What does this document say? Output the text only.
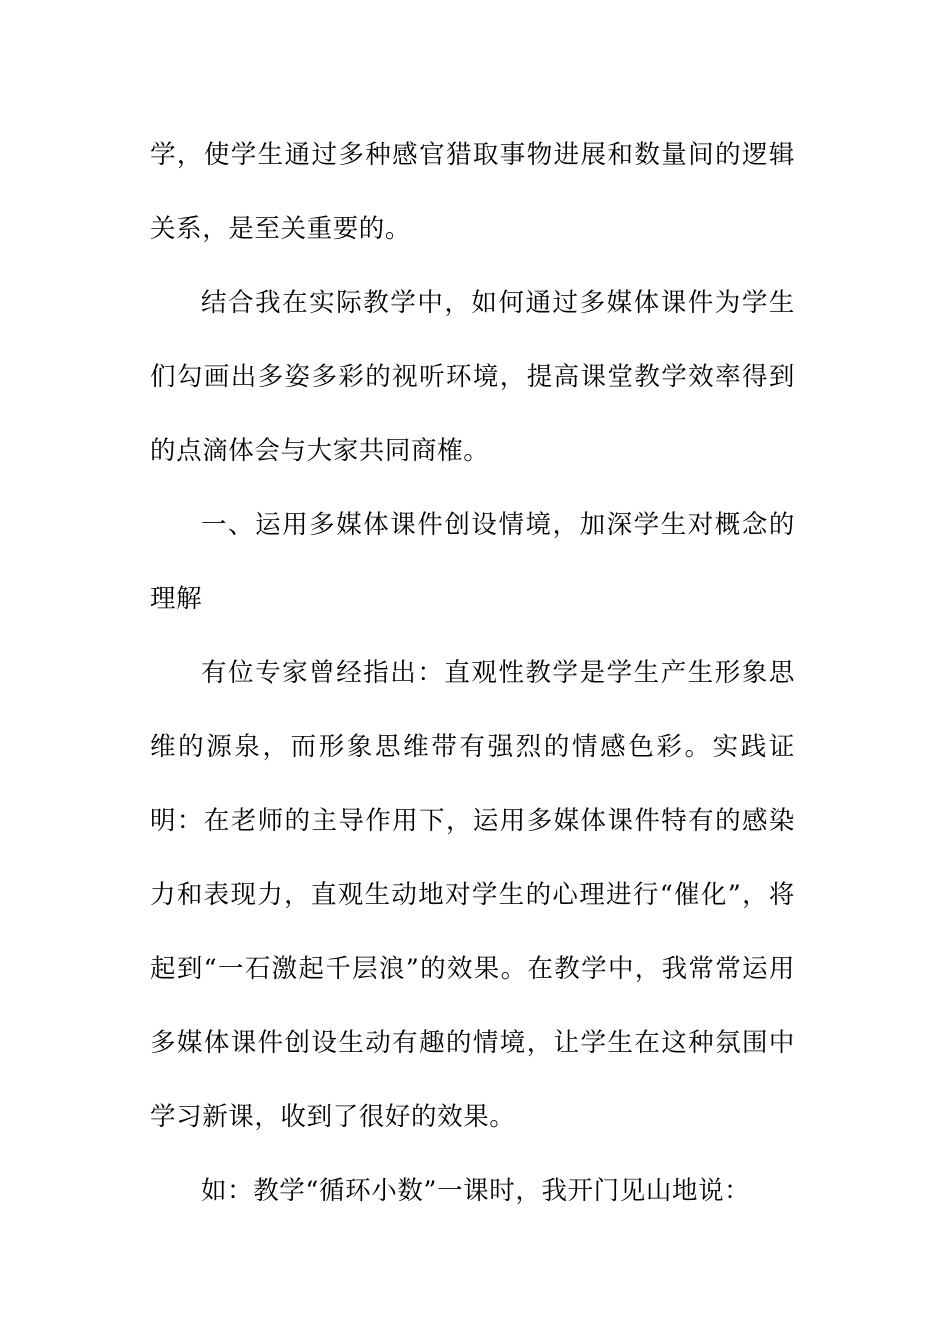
学，使学生通过多种感官猎取事物进展和数量间的逻辑关系，是至关重要的。

结合我在实际教学中，如何通过多媒体课件为学生们勾画出多姿多彩的视听环境，提高课堂教学效率得到的点滴体会与大家共同商榷。

一、运用多媒体课件创设情境，加深学生对概念的理解

有位专家曾经指出：直观性教学是学生产生形象思维的源泉，而形象思维带有强烈的情感色彩。实践证明：在老师的主导作用下，运用多媒体课件特有的感染力和表现力，直观生动地对学生的心理进行“催化”，将起到“一石激起千层浪”的效果。在教学中，我常常运用多媒体课件创设生动有趣的情境，让学生在这种氛围中学习新课，收到了很好的效果。

如：教学“循环小数”一课时，我开门见山地说：
